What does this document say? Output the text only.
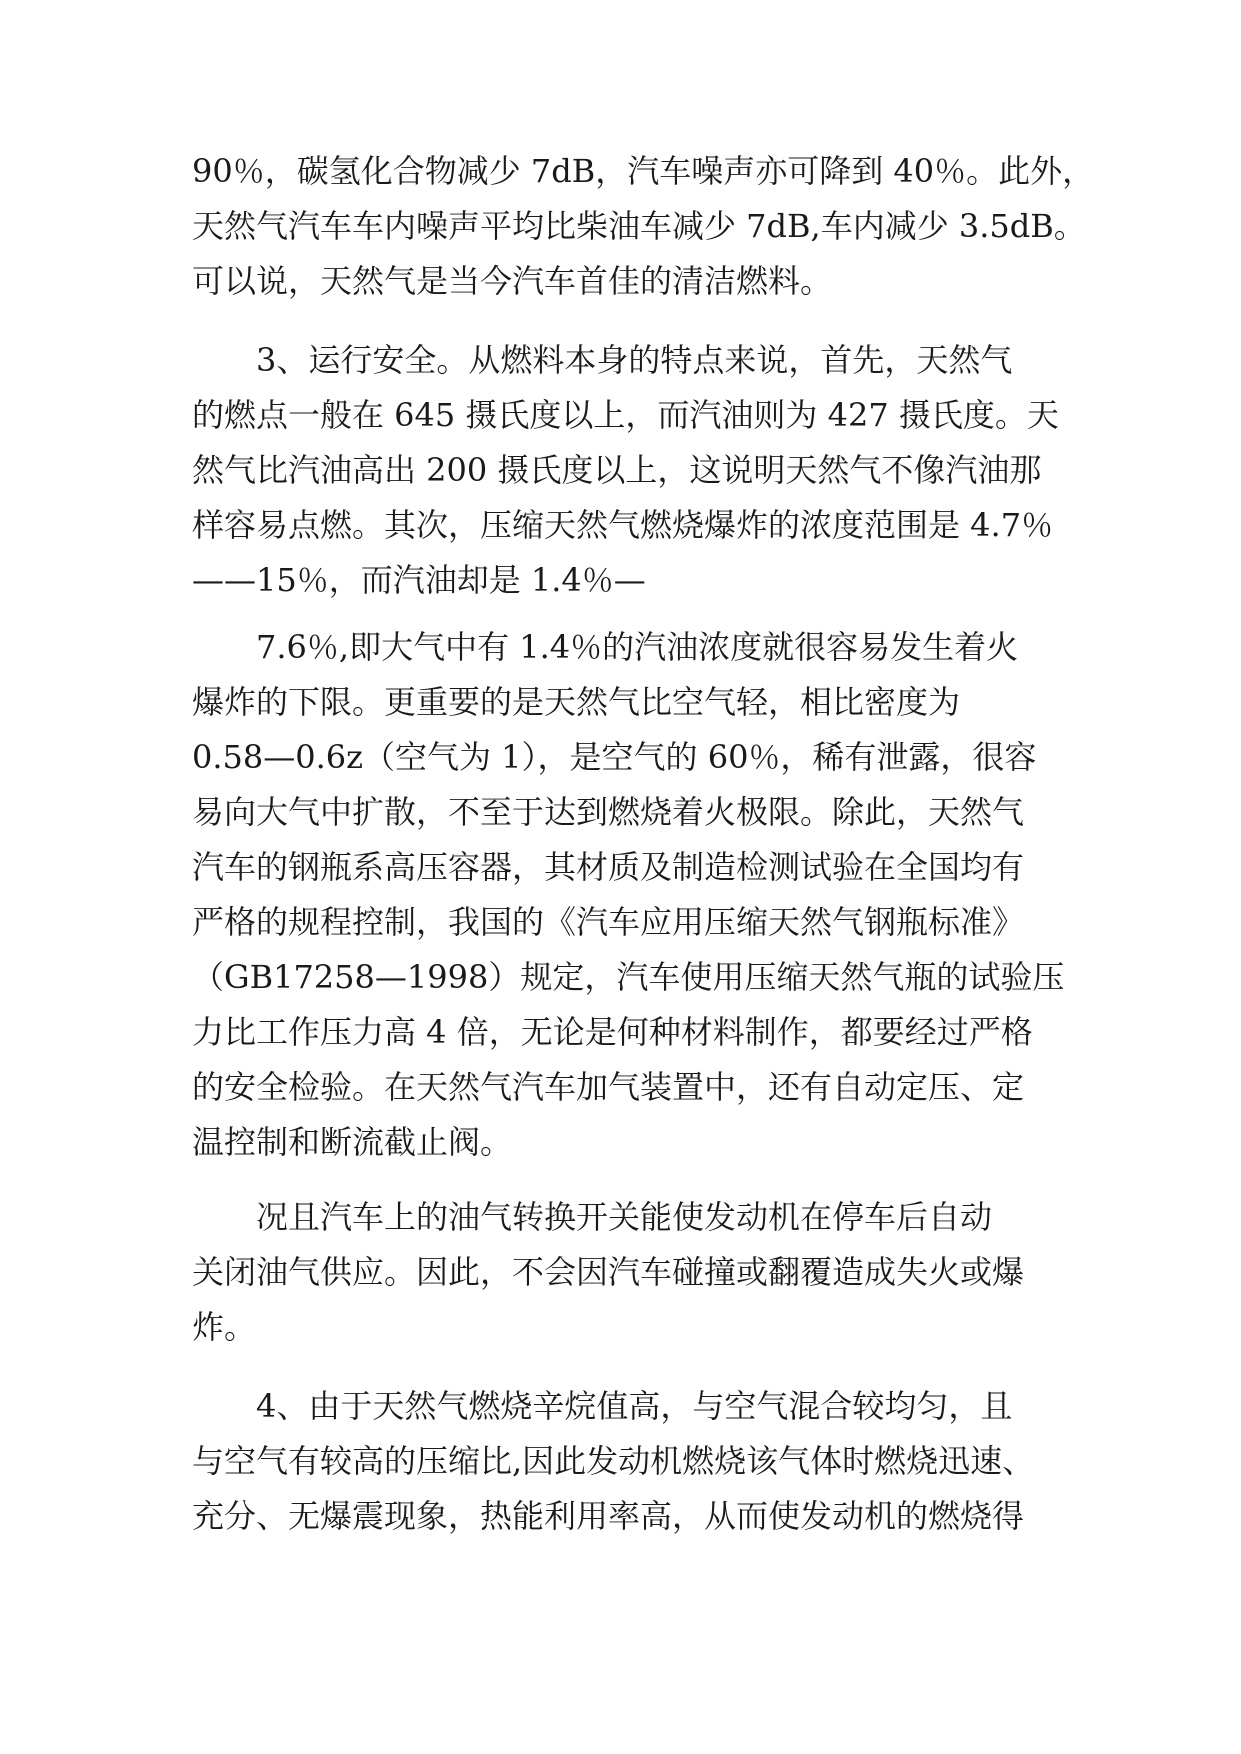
90％，碳氢化合物减少 7dB，汽车噪声亦可降到 40％。此外，
天然气汽车车内噪声平均比柴油车减少 7dB,车内减少 3.5dB。
可以说，天然气是当今汽车首佳的清洁燃料。
3、运行安全。从燃料本身的特点来说，首先，天然气
的燃点一般在 645 摄氏度以上，而汽油则为 427 摄氏度。天
然气比汽油高出 200 摄氏度以上，这说明天然气不像汽油那
样容易点燃。其次，压缩天然气燃烧爆炸的浓度范围是 4.7％
——15％，而汽油却是 1.4％—
7.6％,即大气中有 1.4％的汽油浓度就很容易发生着火
爆炸的下限。更重要的是天然气比空气轻，相比密度为
0.58—0.6z（空气为 1），是空气的 60％，稀有泄露，很容
易向大气中扩散，不至于达到燃烧着火极限。除此，天然气
汽车的钢瓶系高压容器，其材质及制造检测试验在全国均有
严格的规程控制，我国的《汽车应用压缩天然气钢瓶标准》
（GB17258—1998）规定，汽车使用压缩天然气瓶的试验压
力比工作压力高 4 倍，无论是何种材料制作，都要经过严格
的安全检验。在天然气汽车加气装置中，还有自动定压、定
温控制和断流截止阀。
况且汽车上的油气转换开关能使发动机在停车后自动
关闭油气供应。因此，不会因汽车碰撞或翻覆造成失火或爆
炸。
4、由于天然气燃烧辛烷值高，与空气混合较均匀，且
与空气有较高的压缩比,因此发动机燃烧该气体时燃烧迅速、
充分、无爆震现象，热能利用率高，从而使发动机的燃烧得
